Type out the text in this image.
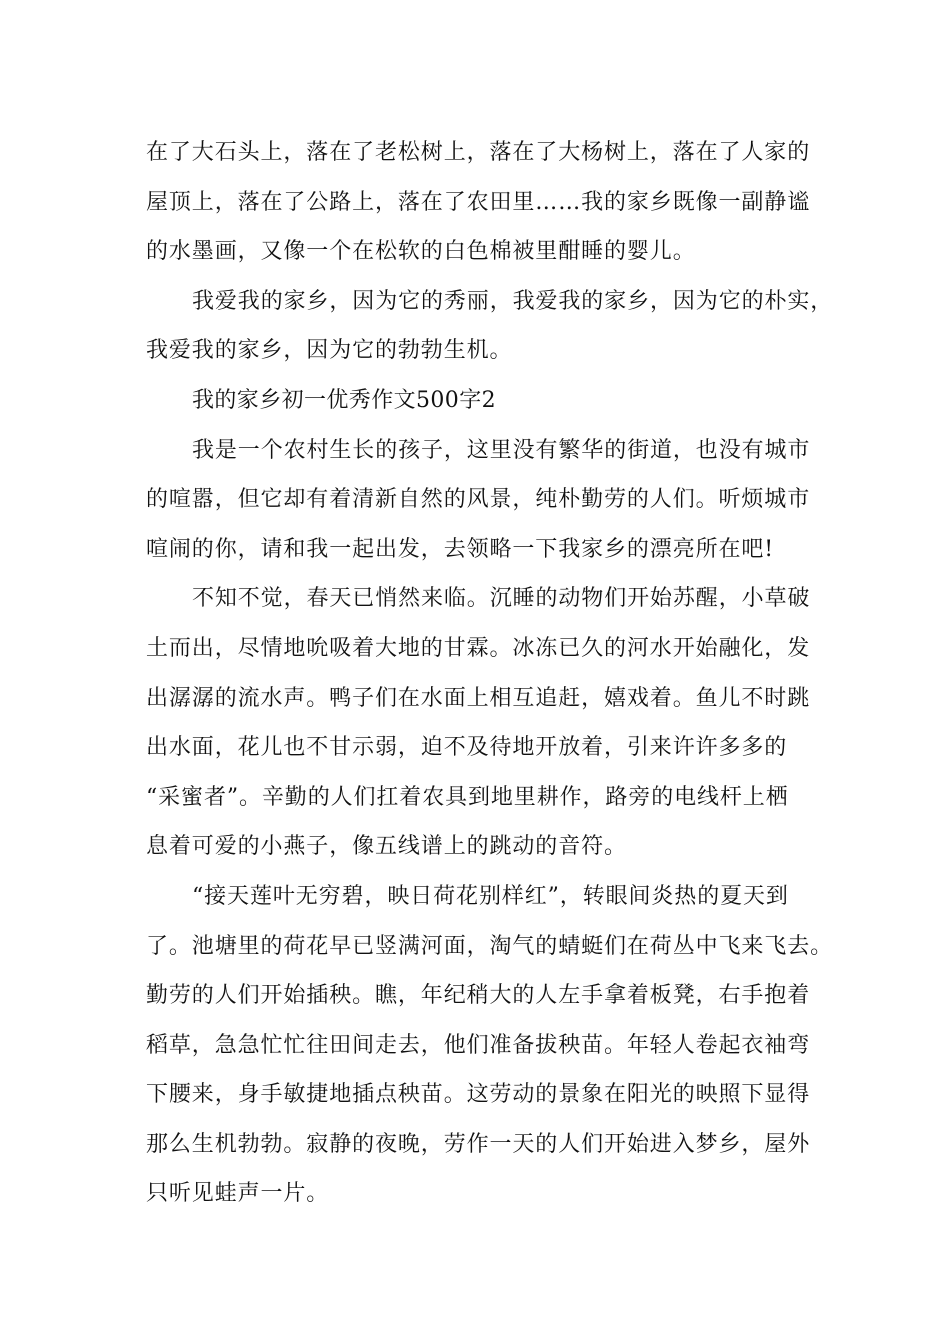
在了大石头上，落在了老松树上，落在了大杨树上，落在了人家的
屋顶上，落在了公路上，落在了农田里……我的家乡既像一副静谧
的水墨画，又像一个在松软的白色棉被里酣睡的婴儿。
我爱我的家乡，因为它的秀丽，我爱我的家乡，因为它的朴实，
我爱我的家乡，因为它的勃勃生机。
我的家乡初一优秀作文500字2
我是一个农村生长的孩子，这里没有繁华的街道，也没有城市
的喧嚣，但它却有着清新自然的风景，纯朴勤劳的人们。听烦城市
喧闹的你，请和我一起出发，去领略一下我家乡的漂亮所在吧!
不知不觉，春天已悄然来临。沉睡的动物们开始苏醒，小草破
土而出，尽情地吮吸着大地的甘霖。冰冻已久的河水开始融化，发
出潺潺的流水声。鸭子们在水面上相互追赶，嬉戏着。鱼儿不时跳
出水面，花儿也不甘示弱，迫不及待地开放着，引来许许多多的
“采蜜者”。辛勤的人们扛着农具到地里耕作，路旁的电线杆上栖
息着可爱的小燕子，像五线谱上的跳动的音符。
“接天莲叶无穷碧，映日荷花别样红”，转眼间炎热的夏天到
了。池塘里的荷花早已竖满河面，淘气的蜻蜓们在荷丛中飞来飞去。
勤劳的人们开始插秧。瞧，年纪稍大的人左手拿着板凳，右手抱着
稻草，急急忙忙往田间走去，他们准备拔秧苗。年轻人卷起衣袖弯
下腰来，身手敏捷地插点秧苗。这劳动的景象在阳光的映照下显得
那么生机勃勃。寂静的夜晚，劳作一天的人们开始进入梦乡，屋外
只听见蛙声一片。
